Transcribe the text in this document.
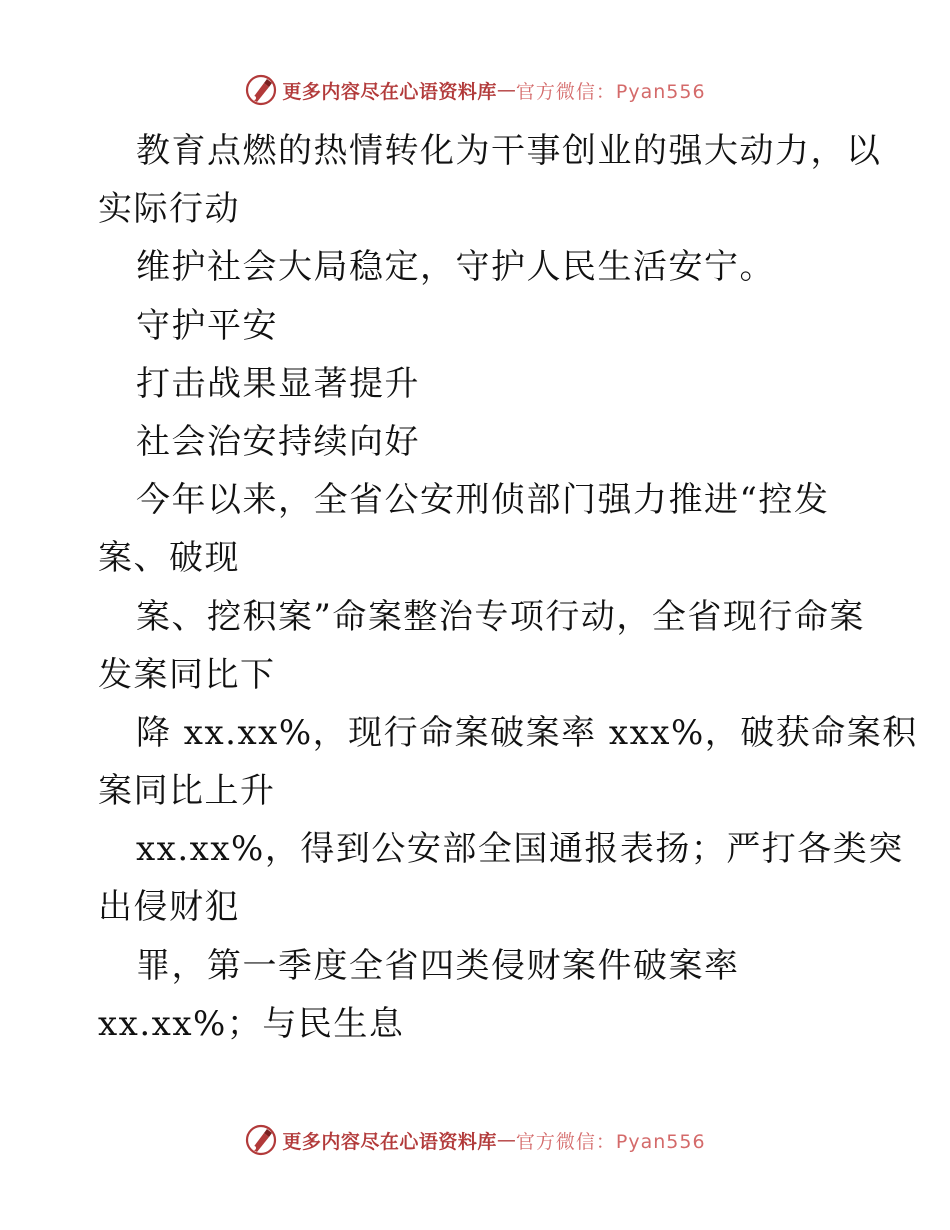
更多内容尽在心语资料库 — 官方微信：Pyan556
教育点燃的热情转化为干事创业的强大动力，以
实际行动
维护社会大局稳定，守护人民生活安宁。
守护平安
打击战果显著提升
社会治安持续向好
今年以来，全省公安刑侦部门强力推进“控发
案、破现
案、挖积案”命案整治专项行动，全省现行命案
发案同比下
降 xx.xx%，现行命案破案率 xxx%，破获命案积
案同比上升
xx.xx%，得到公安部全国通报表扬；严打各类突
出侵财犯
罪，第一季度全省四类侵财案件破案率
xx.xx%；与民生息
更多内容尽在心语资料库 — 官方微信：Pyan556
